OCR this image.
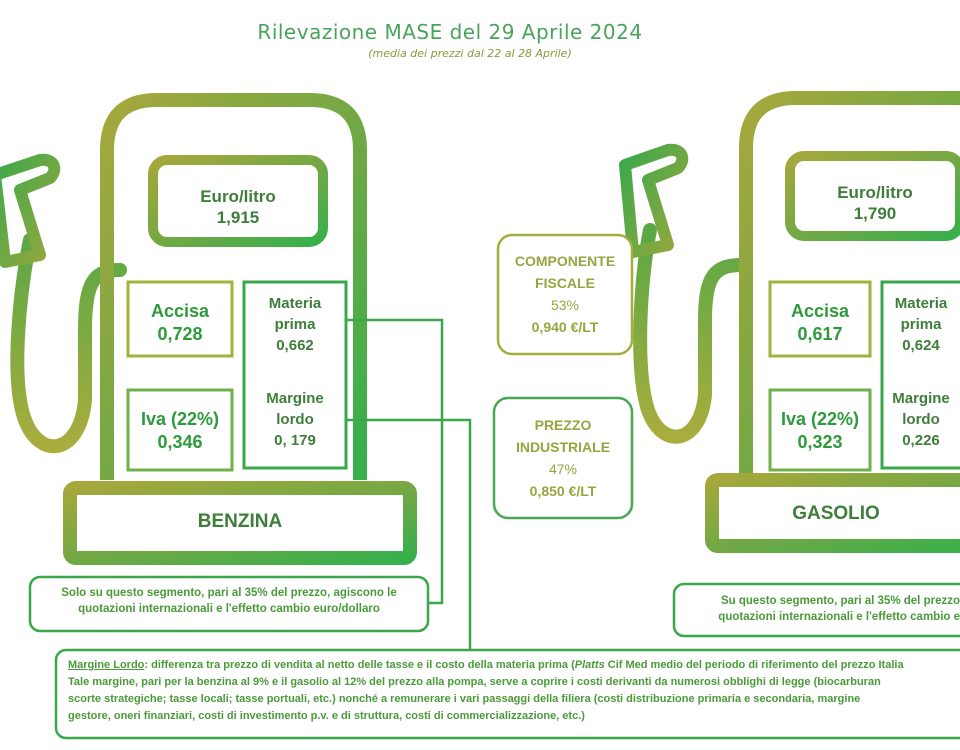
Rilevazione MASE del 29 Aprile 2024
(media dei prezzi dal 22 al 28 Aprile)
Euro/litro
1,915
Accisa
0,728
Iva (22%)
0,346
Materia
prima
0,662
Margine
lordo
0, 179
BENZINA
Euro/litro
1,790
Accisa
0,617
Iva (22%)
0,323
Materia
prima
0,624
Margine
lordo
0,226
GASOLIO
COMPONENTE
FISCALE
53%
0,940 €/LT
PREZZO
INDUSTRIALE
47%
0,850 €/LT
Solo su questo segmento, pari al 35% del prezzo, agiscono le
quotazioni internazionali e l'effetto cambio euro/dollaro
Su questo segmento, pari al 35% del prezzo
quotazioni internazionali e l'effetto cambio e
Margine Lordo: differenza tra prezzo di vendita al netto delle tasse e il costo della materia prima (Platts Cif Med medio del periodo di riferimento del prezzo Italia
Tale margine, pari per la benzina al 9% e il gasolio al 12% del prezzo alla pompa, serve a coprire i costi derivanti da numerosi obblighi di legge (biocarburan
scorte strategiche; tasse locali; tasse portuali, etc.) nonché a remunerare i vari passaggi della filiera (costi distribuzione primaria e secondaria, margine
gestore, oneri finanziari, costi di investimento p.v. e di struttura, costi di commercializzazione, etc.)
